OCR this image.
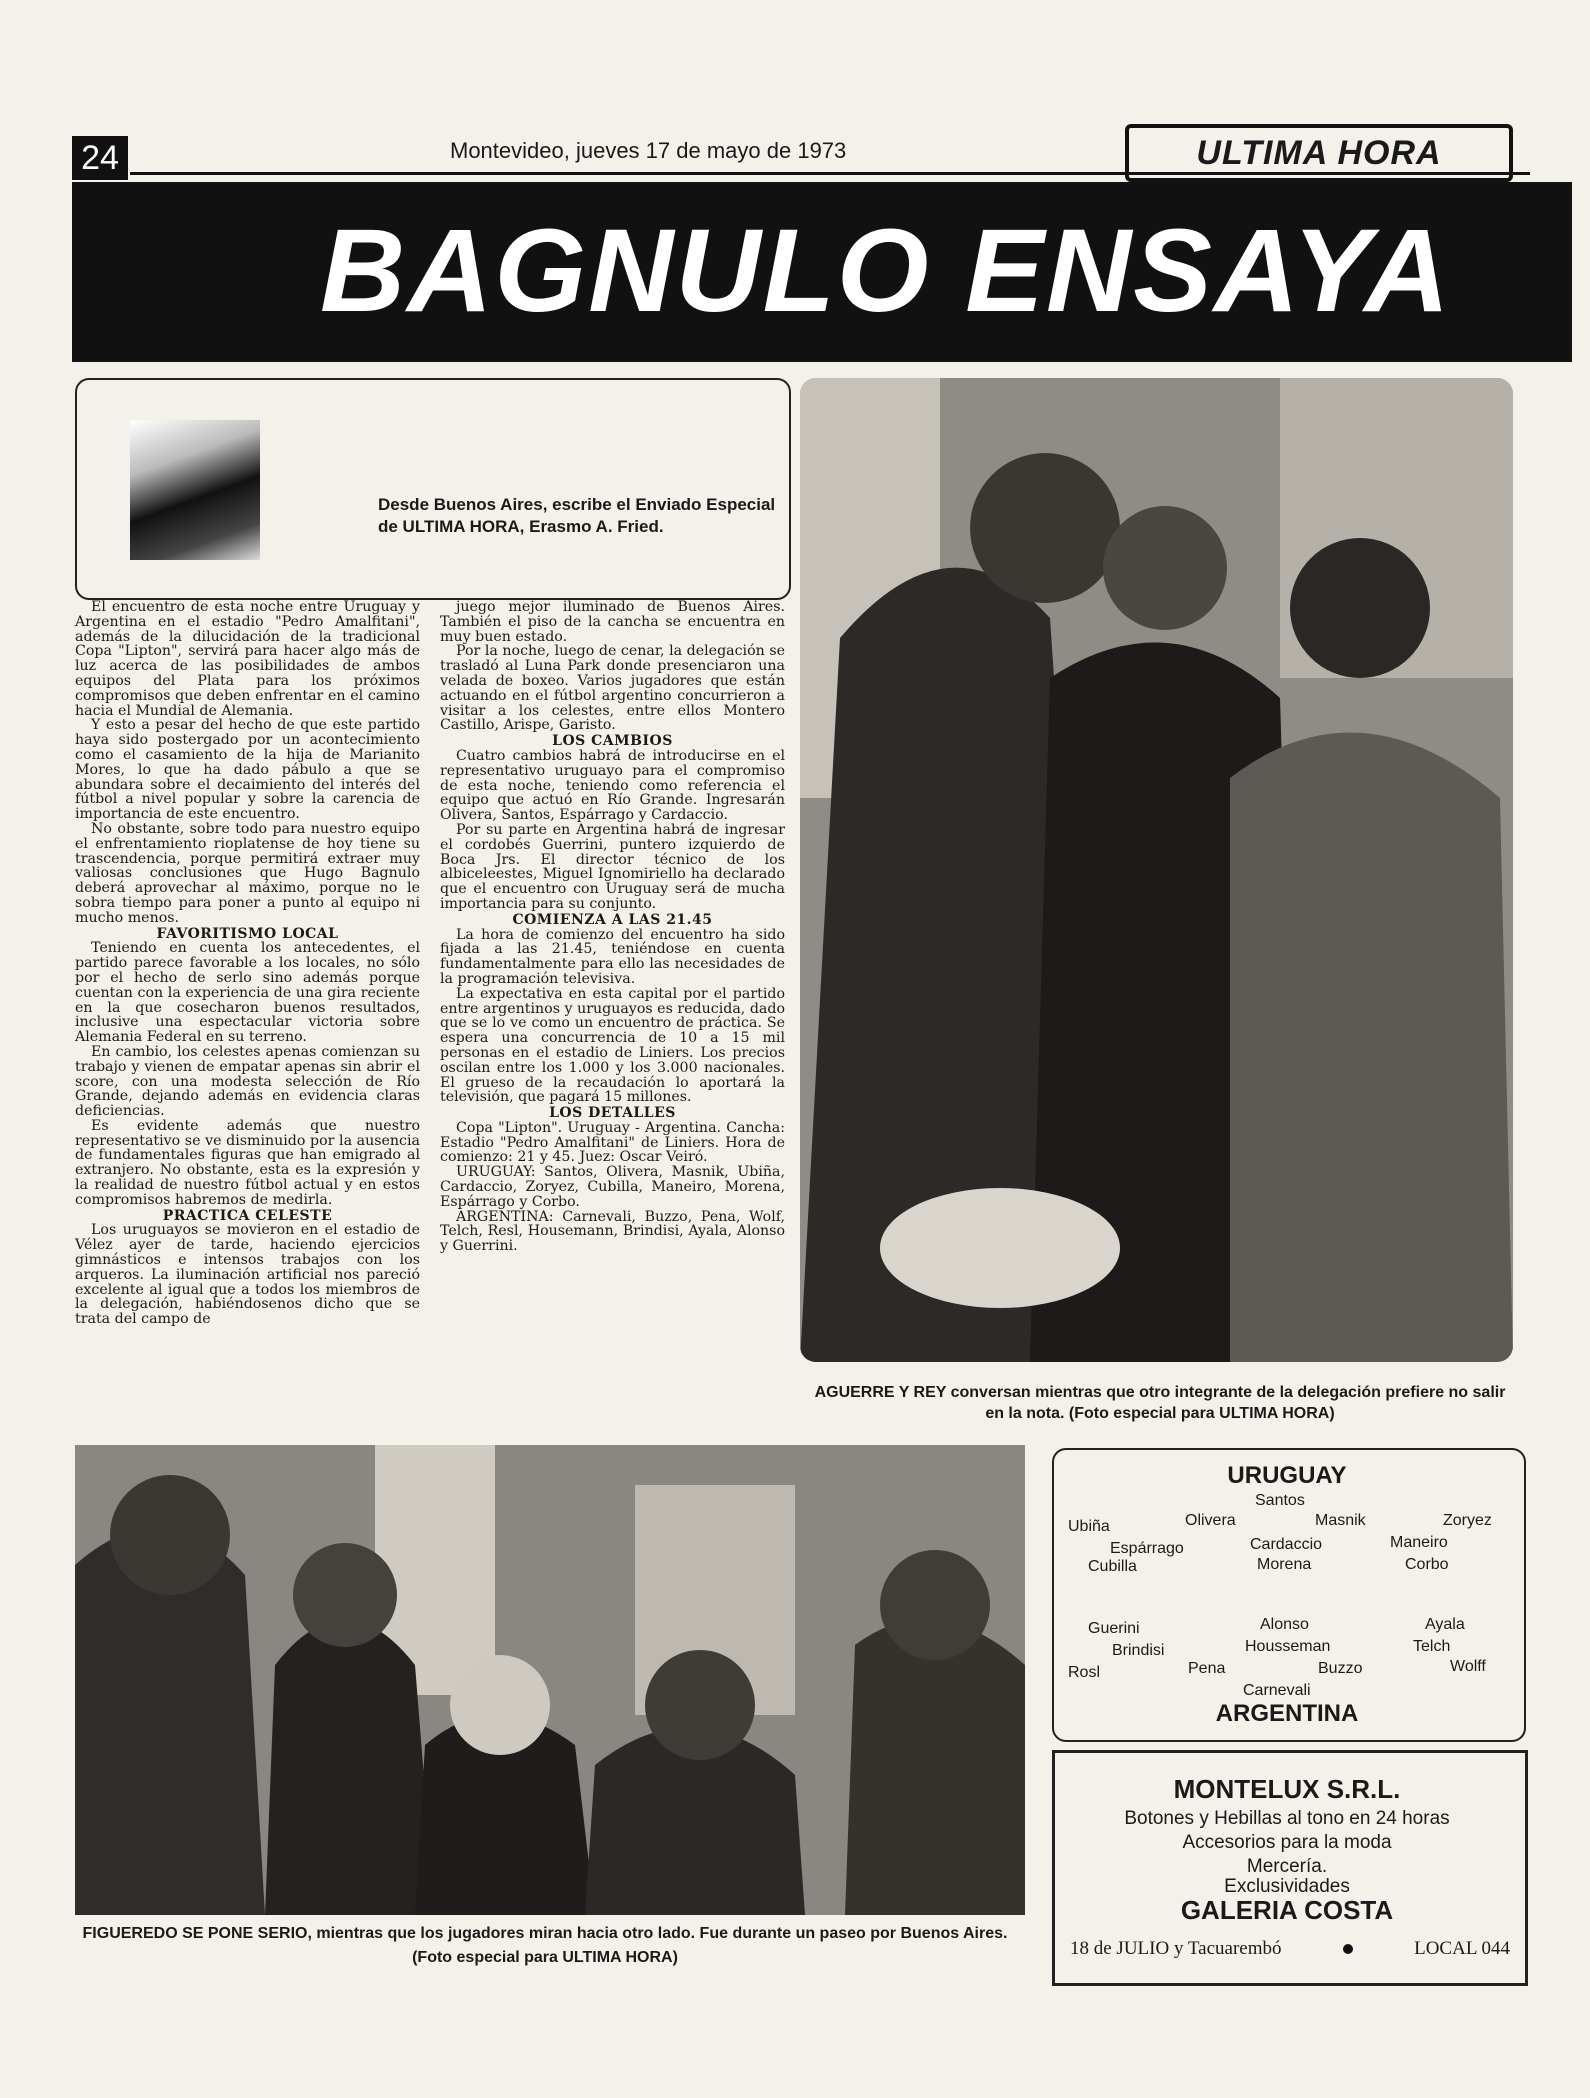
24	Montevideo, jueves 17 de mayo de 1973	ULTIMA HORA
BAGNULO ENSAYA
Desde Buenos Aires, escribe el Enviado Especial de ULTIMA HORA, Erasmo A. Fried.

El encuentro de esta noche entre Uruguay y Argentina en el estadio "Pedro Amalfitani", además de la dilucidación de la tradicional Copa "Lipton", servirá para hacer algo más de luz acerca de las posibilidades de ambos equipos del Plata para los próximos compromisos que deben enfrentar en el camino hacia el Mundial de Alemania.

Y esto a pesar del hecho de que este partido haya sido postergado por un acontecimiento como el casamiento de la hija de Marianito Mores, lo que ha dado pábulo a que se abundara sobre el decaimiento del interés del fútbol a nivel popular y sobre la carencia de importancia de este encuentro.

No obstante, sobre todo para nuestro equipo el enfrentamiento rioplatense de hoy tiene su trascendencia, porque permitirá extraer muy valiosas conclusiones que Hugo Bagnulo deberá aprovechar al máximo, porque no le sobra tiempo para poner a punto al equipo ni mucho menos.

FAVORITISMO LOCAL

Teniendo en cuenta los antecedentes, el partido parece favorable a los locales, no sólo por el hecho de serlo sino además porque cuentan con la experiencia de una gira reciente en la que cosecharon buenos resultados, inclusive una espectacular victoria sobre Alemania Federal en su terreno.

En cambio, los celestes apenas comienzan su trabajo y vienen de empatar apenas sin abrir el score, con una modesta selección de Río Grande, dejando además en evidencia claras deficiencias.

Es evidente además que nuestro representativo se ve disminuido por la ausencia de fundamentales figuras que han emigrado al extranjero. No obstante, esta es la expresión y la realidad de nuestro fútbol actual y en estos compromisos habremos de medirla.

PRACTICA CELESTE

Los uruguayos se movieron en el estadio de Vélez ayer de tarde, haciendo ejercicios gimnásticos e intensos trabajos con los arqueros. La iluminación artificial nos pareció excelente al igual que a todos los miembros de la delegación, habiéndosenos dicho que se trata del campo de

juego mejor iluminado de Buenos Aires. También el piso de la cancha se encuentra en muy buen estado.

Por la noche, luego de cenar, la delegación se trasladó al Luna Park donde presenciaron una velada de boxeo. Varios jugadores que están actuando en el fútbol argentino concurrieron a visitar a los celestes, entre ellos Montero Castillo, Arispe, Garisto.

LOS CAMBIOS

Cuatro cambios habrá de introducirse en el representativo uruguayo para el compromiso de esta noche, teniendo como referencia el equipo que actuó en Río Grande. Ingresarán Olivera, Santos, Espárrago y Cardaccio.

Por su parte en Argentina habrá de ingresar el cordobés Guerrini, puntero izquierdo de Boca Jrs. El director técnico de los albiceleestes, Miguel Ignomiriello ha declarado que el encuentro con Uruguay será de mucha importancia para su conjunto.

COMIENZA A LAS 21.45

La hora de comienzo del encuentro ha sido fijada a las 21.45, teniéndose en cuenta fundamentalmente para ello las necesidades de la programación televisiva.

La expectativa en esta capital por el partido entre argentinos y uruguayos es reducida, dado que se lo ve como un encuentro de práctica. Se espera una concurrencia de 10 a 15 mil personas en el estadio de Liniers. Los precios oscilan entre los 1.000 y los 3.000 nacionales. El grueso de la recaudación lo aportará la televisión, que pagará 15 millones.

LOS DETALLES

Copa "Lipton". Uruguay - Argentina. Cancha: Estadio "Pedro Amalfitani" de Liniers. Hora de comienzo: 21 y 45. Juez: Oscar Veiró.

URUGUAY: Santos, Olivera, Masnik, Ubiña, Cardaccio, Zoryez, Cubilla, Maneiro, Morena, Espárrago y Corbo.

ARGENTINA: Carnevali, Buzzo, Pena, Wolf, Telch, Resl, Housemann, Brindisi, Ayala, Alonso y Guerrini.

AGUERRE Y REY conversan mientras que otro integrante de la delegación prefiere no salir en la nota. (Foto especial para ULTIMA HORA)
FIGUEREDO SE PONE SERIO, mientras que los jugadores miran hacia otro lado. Fue durante un paseo por Buenos Aires. (Foto especial para ULTIMA HORA)
URUGUAY
Santos
Ubiña	Olivera	Masnik	Zoryez
Espárrago	Cardaccio	Maneiro
Cubilla	Morena	Corbo
Guerini	Alonso	Ayala
Brindisi	Housseman	Telch
Rosl	Pena	Buzzo	Wolff
Carnevali
ARGENTINA
MONTELUX S.R.L.
Botones y Hebillas al tono en 24 horas
Accesorios para la moda
Mercería.
Exclusividades
GALERIA COSTA
18 de JULIO y Tacuarembó	LOCAL 044
